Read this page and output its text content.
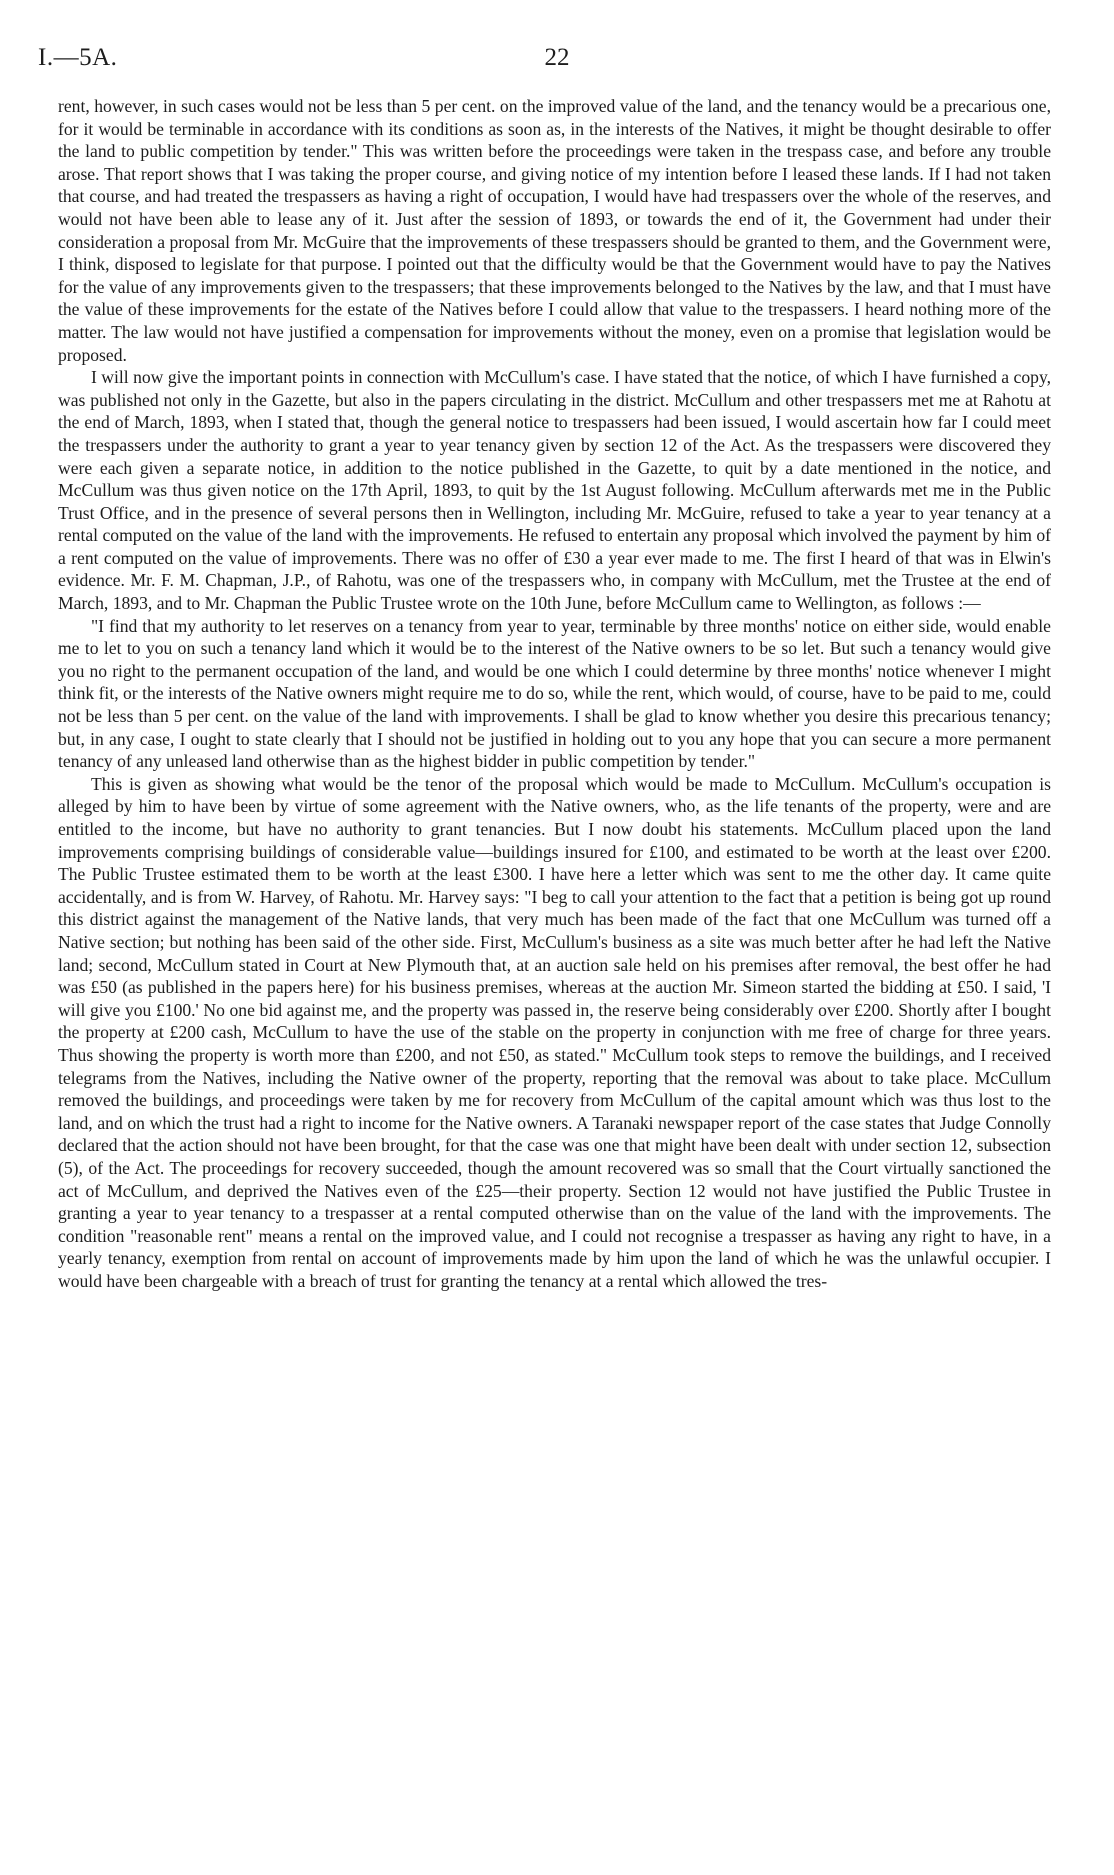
I.—5A.	22

rent, however, in such cases would not be less than 5 per cent. on the improved value of the land, and the tenancy would be a precarious one, for it would be terminable in accordance with its conditions as soon as, in the interests of the Natives, it might be thought desirable to offer the land to public competition by tender." This was written before the proceedings were taken in the trespass case, and before any trouble arose. That report shows that I was taking the proper course, and giving notice of my intention before I leased these lands. If I had not taken that course, and had treated the trespassers as having a right of occupation, I would have had trespassers over the whole of the reserves, and would not have been able to lease any of it. Just after the session of 1893, or towards the end of it, the Government had under their consideration a proposal from Mr. McGuire that the improvements of these trespassers should be granted to them, and the Government were, I think, disposed to legislate for that purpose. I pointed out that the difficulty would be that the Government would have to pay the Natives for the value of any improvements given to the trespassers; that these improvements belonged to the Natives by the law, and that I must have the value of these improvements for the estate of the Natives before I could allow that value to the trespassers. I heard nothing more of the matter. The law would not have justified a compensation for improvements without the money, even on a promise that legislation would be proposed.

I will now give the important points in connection with McCullum's case. I have stated that the notice, of which I have furnished a copy, was published not only in the Gazette, but also in the papers circulating in the district. McCullum and other trespassers met me at Rahotu at the end of March, 1893, when I stated that, though the general notice to trespassers had been issued, I would ascertain how far I could meet the trespassers under the authority to grant a year to year tenancy given by section 12 of the Act. As the trespassers were discovered they were each given a separate notice, in addition to the notice published in the Gazette, to quit by a date mentioned in the notice, and McCullum was thus given notice on the 17th April, 1893, to quit by the 1st August following. McCullum afterwards met me in the Public Trust Office, and in the presence of several persons then in Wellington, including Mr. McGuire, refused to take a year to year tenancy at a rental computed on the value of the land with the improvements. He refused to entertain any proposal which involved the payment by him of a rent computed on the value of improvements. There was no offer of £30 a year ever made to me. The first I heard of that was in Elwin's evidence. Mr. F. M. Chapman, J.P., of Rahotu, was one of the trespassers who, in company with McCullum, met the Trustee at the end of March, 1893, and to Mr. Chapman the Public Trustee wrote on the 10th June, before McCullum came to Wellington, as follows :—

"I find that my authority to let reserves on a tenancy from year to year, terminable by three months' notice on either side, would enable me to let to you on such a tenancy land which it would be to the interest of the Native owners to be so let. But such a tenancy would give you no right to the permanent occupation of the land, and would be one which I could determine by three months' notice whenever I might think fit, or the interests of the Native owners might require me to do so, while the rent, which would, of course, have to be paid to me, could not be less than 5 per cent. on the value of the land with improvements. I shall be glad to know whether you desire this precarious tenancy; but, in any case, I ought to state clearly that I should not be justified in holding out to you any hope that you can secure a more permanent tenancy of any unleased land otherwise than as the highest bidder in public competition by tender."

This is given as showing what would be the tenor of the proposal which would be made to McCullum. McCullum's occupation is alleged by him to have been by virtue of some agreement with the Native owners, who, as the life tenants of the property, were and are entitled to the income, but have no authority to grant tenancies. But I now doubt his statements. McCullum placed upon the land improvements comprising buildings of considerable value—buildings insured for £100, and estimated to be worth at the least over £200. The Public Trustee estimated them to be worth at the least £300. I have here a letter which was sent to me the other day. It came quite accidentally, and is from W. Harvey, of Rahotu. Mr. Harvey says: "I beg to call your attention to the fact that a petition is being got up round this district against the management of the Native lands, that very much has been made of the fact that one McCullum was turned off a Native section; but nothing has been said of the other side. First, McCullum's business as a site was much better after he had left the Native land; second, McCullum stated in Court at New Plymouth that, at an auction sale held on his premises after removal, the best offer he had was £50 (as published in the papers here) for his business premises, whereas at the auction Mr. Simeon started the bidding at £50. I said, 'I will give you £100.' No one bid against me, and the property was passed in, the reserve being considerably over £200. Shortly after I bought the property at £200 cash, McCullum to have the use of the stable on the property in conjunction with me free of charge for three years. Thus showing the property is worth more than £200, and not £50, as stated." McCullum took steps to remove the buildings, and I received telegrams from the Natives, including the Native owner of the property, reporting that the removal was about to take place. McCullum removed the buildings, and proceedings were taken by me for recovery from McCullum of the capital amount which was thus lost to the land, and on which the trust had a right to income for the Native owners. A Taranaki newspaper report of the case states that Judge Connolly declared that the action should not have been brought, for that the case was one that might have been dealt with under section 12, subsection (5), of the Act. The proceedings for recovery succeeded, though the amount recovered was so small that the Court virtually sanctioned the act of McCullum, and deprived the Natives even of the £25—their property. Section 12 would not have justified the Public Trustee in granting a year to year tenancy to a trespasser at a rental computed otherwise than on the value of the land with the improvements. The condition "reasonable rent" means a rental on the improved value, and I could not recognise a trespasser as having any right to have, in a yearly tenancy, exemption from rental on account of improvements made by him upon the land of which he was the unlawful occupier. I would have been chargeable with a breach of trust for granting the tenancy at a rental which allowed the tres-
